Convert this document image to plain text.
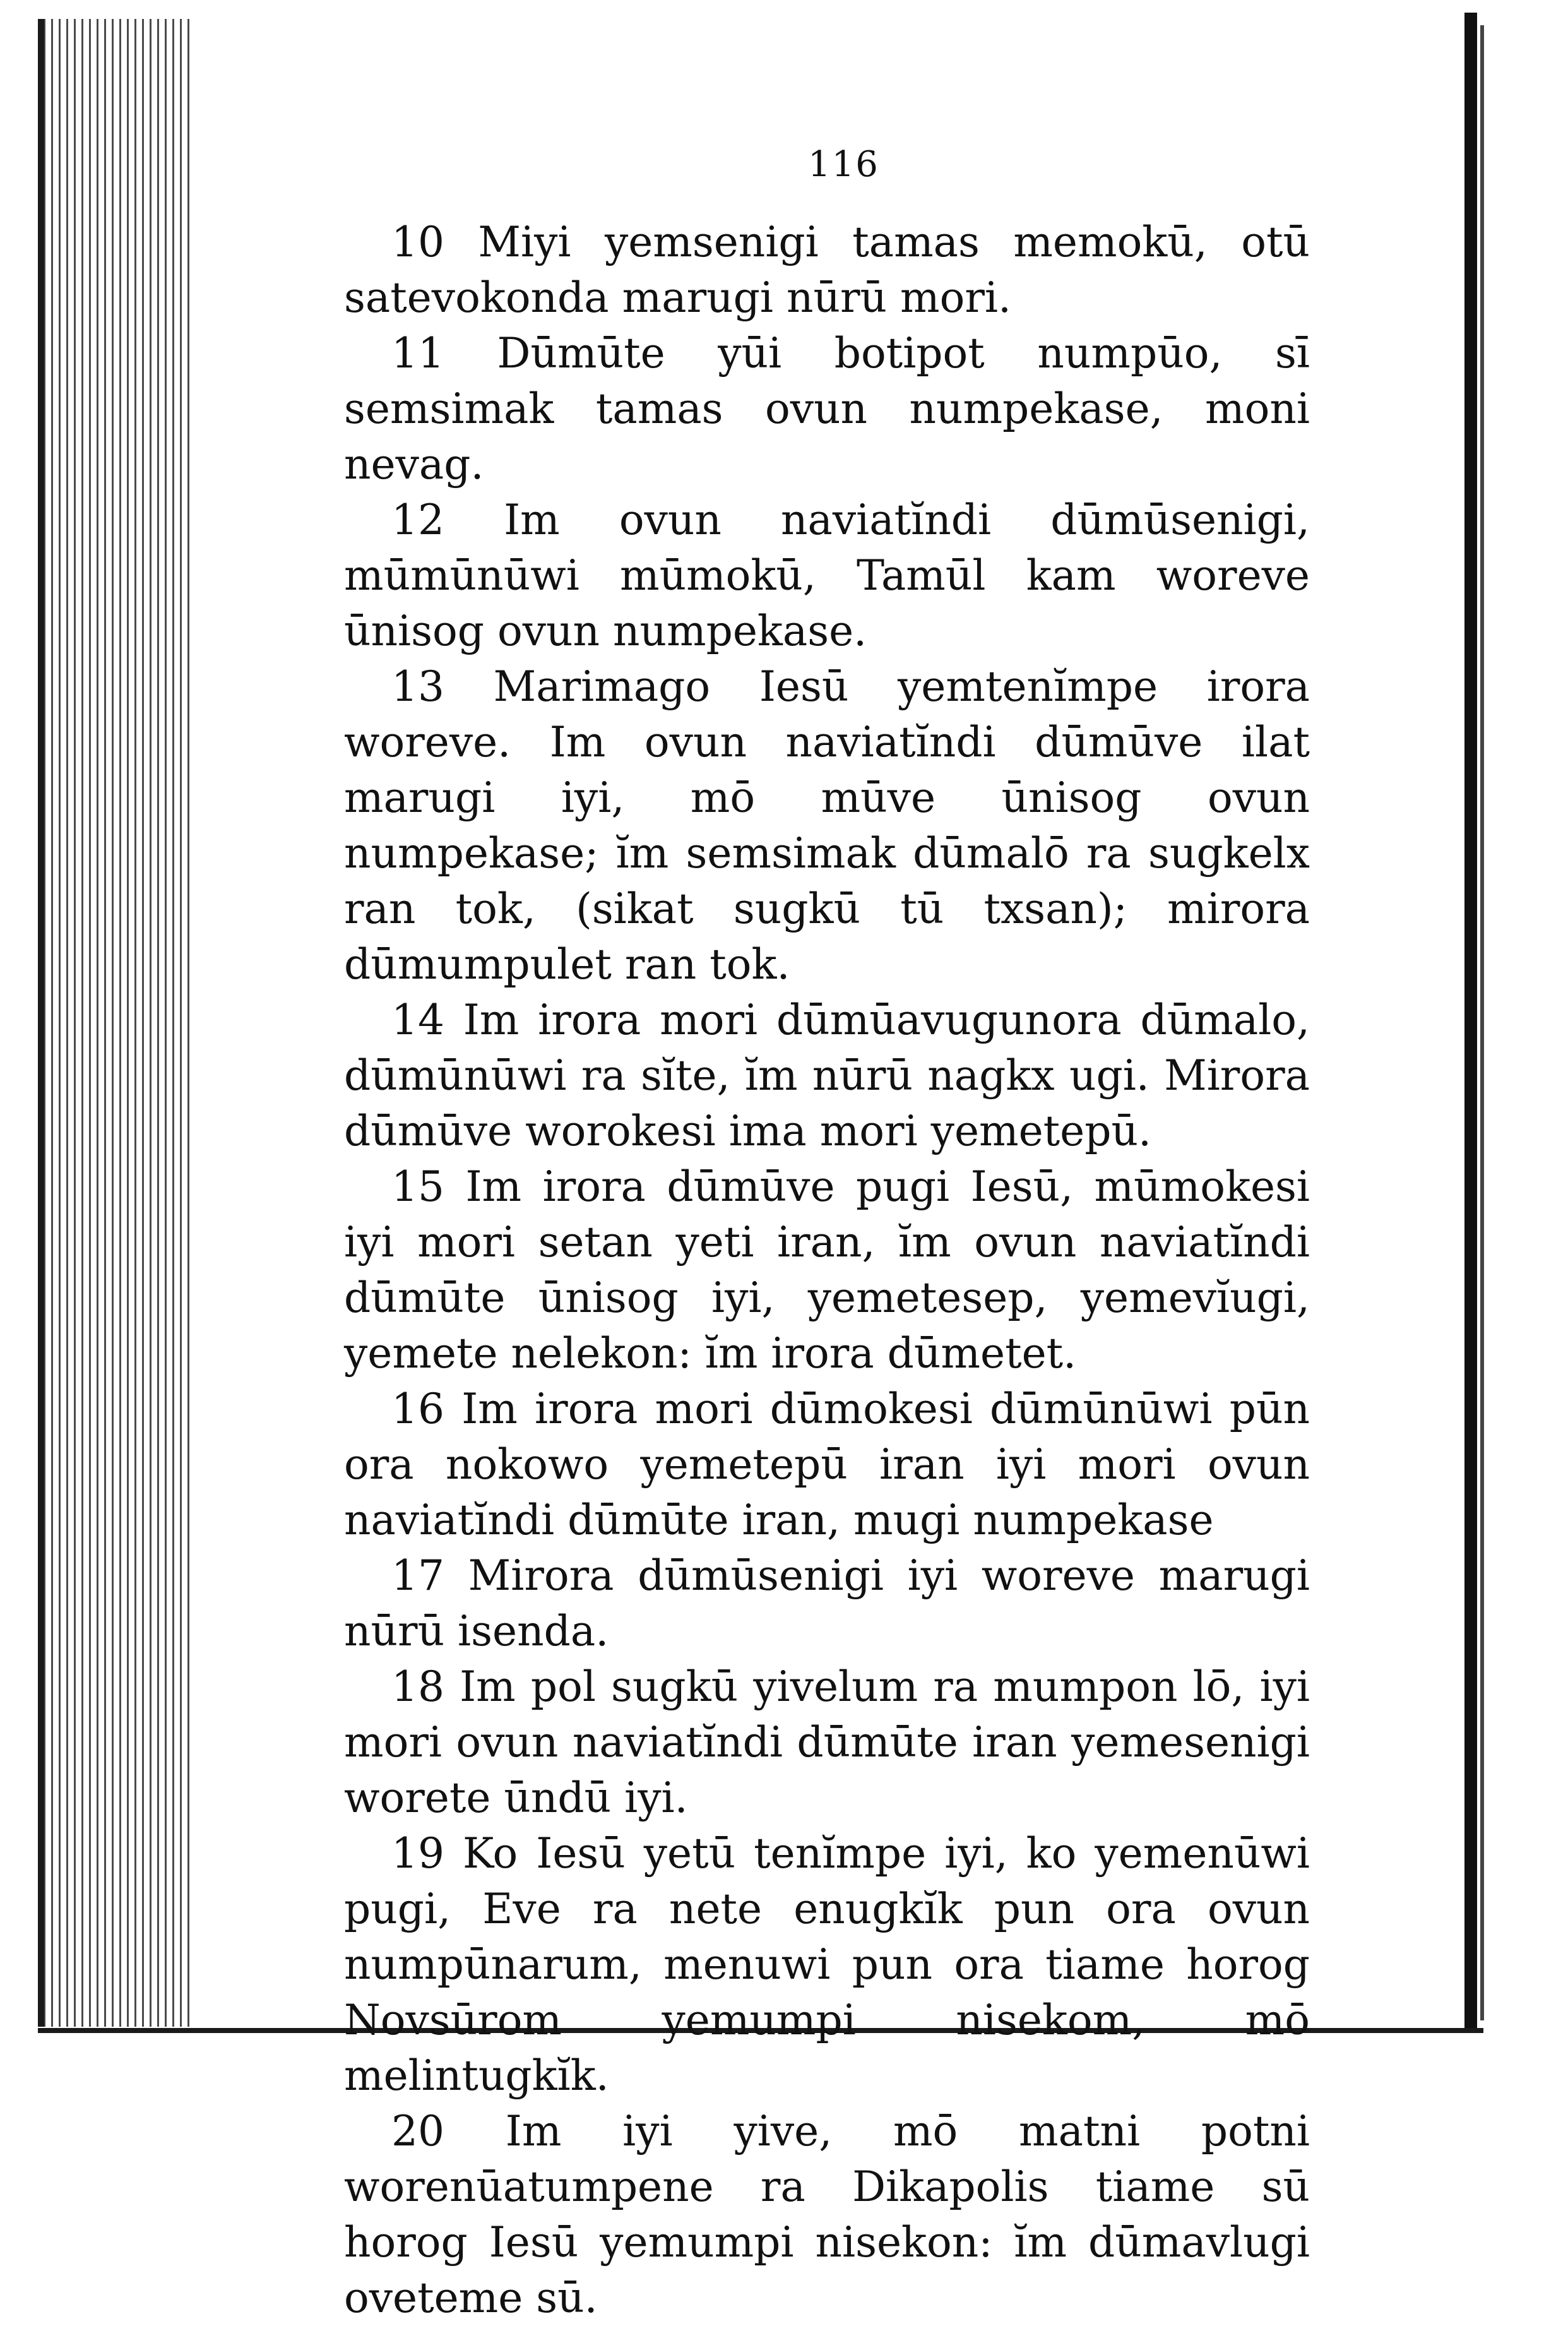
116

10 Miyi yemsenigi tamas memokū, otū satevokonda marugi nūrū mori.

11 Dūmūte yūi botipot numpūo, sī semsimak tamas ovun numpekase, moni nevag.

12 Im ovun naviatĭndi dūmūsenigi, mūmūnūwi mūmokū, Tamūl kam woreve ūnisog ovun numpekase.

13 Marimago Iesū yemtenĭmpe irora woreve. Im ovun naviatĭndi dūmūve ilat marugi iyi, mō mūve ūnisog ovun numpekase; ĭm semsimak dūmalō ra sugkelx ran tok, (sikat sugkū tū txsan); mirora dūmumpulet ran tok.

14 Im irora mori dūmūavugunora dūmalo, dūmūnūwi ra sĭte, ĭm nūrū nagkx ugi. Mirora dūmūve worokesi ima mori yemetepū.

15 Im irora dūmūve pugi Iesū, mūmokesi iyi mori setan yeti iran, ĭm ovun naviatĭndi dūmūte ūnisog iyi, yemetesep, yemevĭugi, yemete nelekon: ĭm irora dūmetet.

16 Im irora mori dūmokesi dūmūnūwi pūn ora nokowo yemetepū iran iyi mori ovun naviatĭndi dūmūte iran, mugi numpekase

17 Mirora dūmūsenigi iyi woreve marugi nūrū isenda.

18 Im pol sugkū yivelum ra mumpon lō, iyi mori ovun naviatĭndi dūmūte iran yemesenigi worete ūndū iyi.

19 Ko Iesū yetū tenĭmpe iyi, ko yemenūwi pugi, Eve ra nete enugkĭk pun ora ovun numpūnarum, menuwi pun ora tiame horog Novsūrom yemumpi nisekom, mō melintugkĭk.

20 Im iyi yive, mō matni potni worenūatumpene ra Dikapolis tiame sū horog Iesū yemumpi nisekon: ĭm dūmavlugi oveteme sū.
